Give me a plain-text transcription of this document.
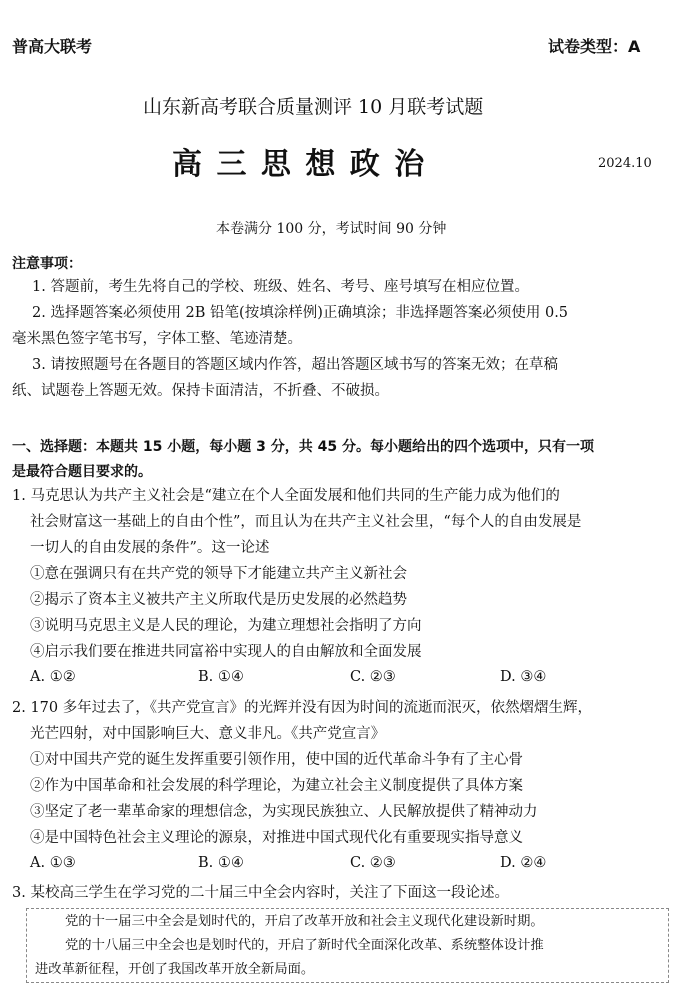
普高大联考	试卷类型：A
山东新高考联合质量测评 10 月联考试题
高 三 思 想 政 治	2024.10
本卷满分 100 分，考试时间 90 分钟
注意事项：
1. 答题前，考生先将自己的学校、班级、姓名、考号、座号填写在相应位置。
2. 选择题答案必须使用 2B 铅笔(按填涂样例)正确填涂；非选择题答案必须使用 0.5
毫米黑色签字笔书写，字体工整、笔迹清楚。
3. 请按照题号在各题目的答题区域内作答，超出答题区域书写的答案无效；在草稿
纸、试题卷上答题无效。保持卡面清洁，不折叠、不破损。
一、选择题：本题共 15 小题，每小题 3 分，共 45 分。每小题给出的四个选项中，只有一项
是最符合题目要求的。
1. 马克思认为共产主义社会是“建立在个人全面发展和他们共同的生产能力成为他们的
社会财富这一基础上的自由个性”，而且认为在共产主义社会里，“每个人的自由发展是
一切人的自由发展的条件”。这一论述
①意在强调只有在共产党的领导下才能建立共产主义新社会
②揭示了资本主义被共产主义所取代是历史发展的必然趋势
③说明马克思主义是人民的理论，为建立理想社会指明了方向
④启示我们要在推进共同富裕中实现人的自由解放和全面发展
A. ①②	B. ①④	C. ②③	D. ③④
2. 170 多年过去了，《共产党宣言》的光辉并没有因为时间的流逝而泯灭，依然熠熠生辉，
光芒四射，对中国影响巨大、意义非凡。《共产党宣言》
①对中国共产党的诞生发挥重要引领作用，使中国的近代革命斗争有了主心骨
②作为中国革命和社会发展的科学理论，为建立社会主义制度提供了具体方案
③坚定了老一辈革命家的理想信念，为实现民族独立、人民解放提供了精神动力
④是中国特色社会主义理论的源泉，对推进中国式现代化有重要现实指导意义
A. ①③	B. ①④	C. ②③	D. ②④
3. 某校高三学生在学习党的二十届三中全会内容时，关注了下面这一段论述。
党的十一届三中全会是划时代的，开启了改革开放和社会主义现代化建设新时期。
党的十八届三中全会也是划时代的，开启了新时代全面深化改革、系统整体设计推
进改革新征程，开创了我国改革开放全新局面。
